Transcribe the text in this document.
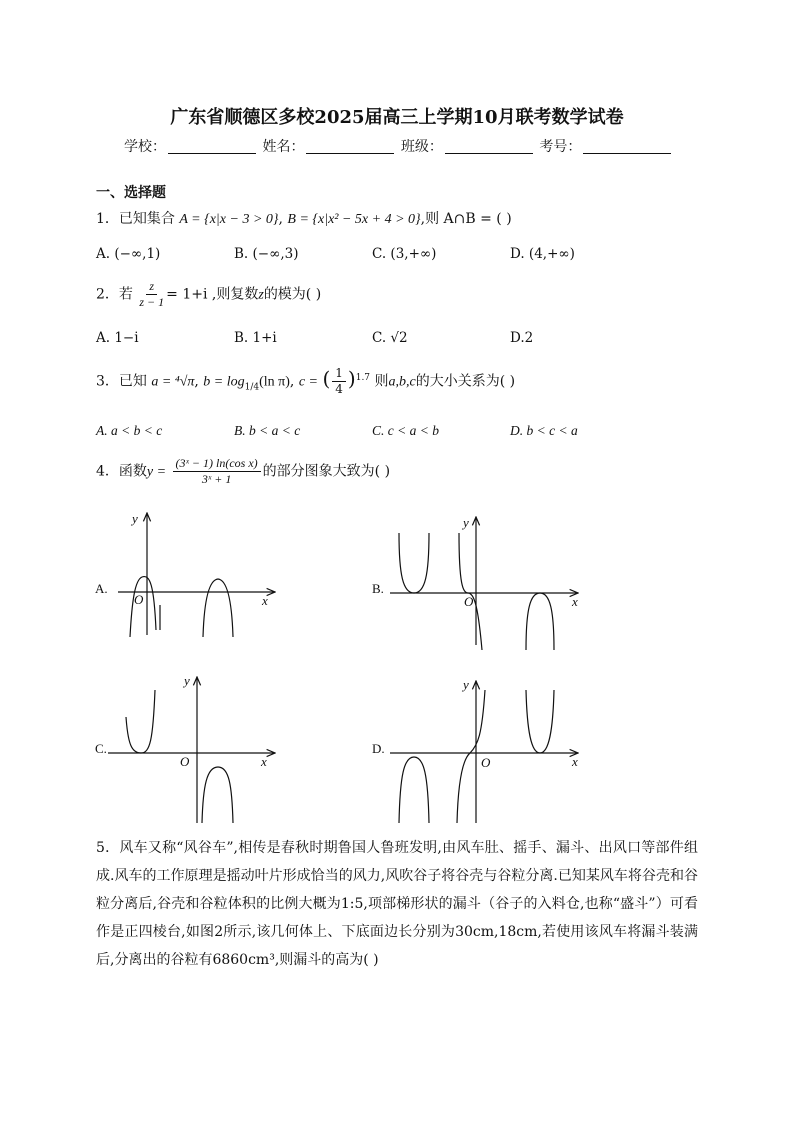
广东省顺德区多校2025届高三上学期10月联考数学试卷
学校：	姓名：	班级：	考号：
一、选择题
1．已知集合 A = {x|x − 3 > 0}, B = {x|x² − 5x + 4 > 0},则 A∩B = ( )
A. (−∞,1)	B. (−∞,3)	C. (3,+∞)	D. (4,+∞)
2．若 $\frac{z}{z - 1} = 1+i$ ,则复数z的模为( )
A. 1−i	B. 1+i	C. √2	D.2
3．已知 a = ⁴√π, $b = \log_{1/4}(\ln$ π), c = ( $\frac{1}{4} )^{1.7}$ 则a,b,c的大小关系为( )
A. a < b < c	B. b < a < c	C. c < a < b	D. b < c < a
4．函数$y = \frac{\text{(3ˣ − 1) ln(cos x)}}{\text{3ˣ + 1}}$ 的部分图象大致为( )
A.
O	x
y
B.
O	x
y
C.
O	x
y
D.
O	x
y
5．风车又称“风谷车”,相传是春秋时期鲁国人鲁班发明,由风车肚、摇手、漏斗、出风口等部件组成.风车的工作原理是摇动叶片形成恰当的风力,风吹谷子将谷壳与谷粒分离.已知某风车将谷壳和谷粒分离后,谷壳和谷粒体积的比例大概为1:5,项部梯形状的漏斗（谷子的入料仓,也称“盛斗”）可看作是正四棱台,如图2所示,该几何体上、下底面边长分别为30cm,18cm,若使用该风车将漏斗装满后,分离出的谷粒有6860cm³,则漏斗的高为( )
